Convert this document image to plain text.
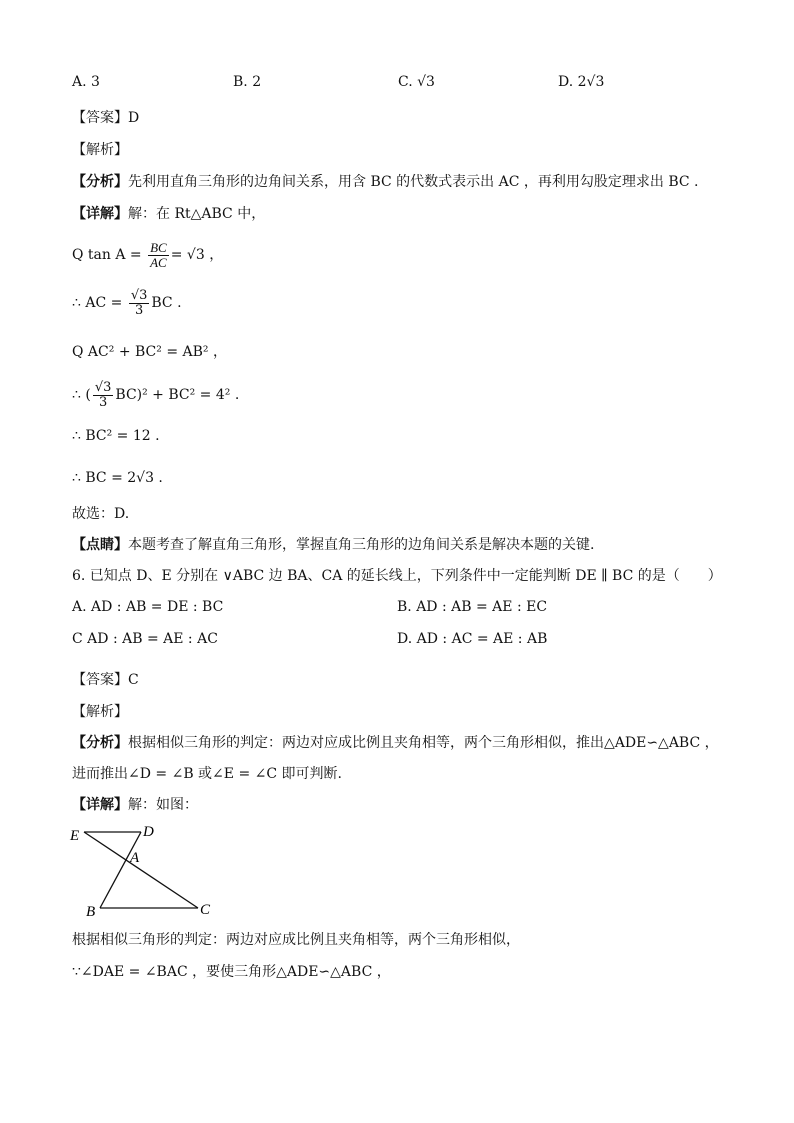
A. 3	B. 2	C. √3	D. 2√3
【答案】D
【解析】
【分析】先利用直角三角形的边角间关系，用含 BC 的代数式表示出 AC ，再利用勾股定理求出 BC .
【详解】解：在 Rt△ABC 中，
Q $\tan A = \frac{BC}{AC} = √3$ ，
∴ AC = $\frac{√3}{3}$ BC .
Q AC² + BC² = AB² ，
∴ ( $\frac{√3}{3} BC)^2 + BC^2 = 4^2$ .
∴ BC² = 12 .
∴ BC = 2√3 .
故选：D.
【点睛】本题考查了解直角三角形，掌握直角三角形的边角间关系是解决本题的关键.
6. 已知点 D、E 分别在 ∨ABC 边 BA、CA 的延长线上，下列条件中一定能判断 DE ∥ BC 的是（　　）
A. AD : AB = DE : BC	B. AD : AB = AE : EC
C AD : AB = AE : AC	D. AD : AC = AE : AB
【答案】C
【解析】
【分析】根据相似三角形的判定：两边对应成比例且夹角相等，两个三角形相似，推出△ADE∽△ABC ，
进而推出∠D = ∠B 或∠E = ∠C 即可判断.
【详解】解：如图：
E	D
A
B	C
根据相似三角形的判定：两边对应成比例且夹角相等，两个三角形相似，
∵∠DAE = ∠BAC ，要使三角形△ADE∽△ABC ，
